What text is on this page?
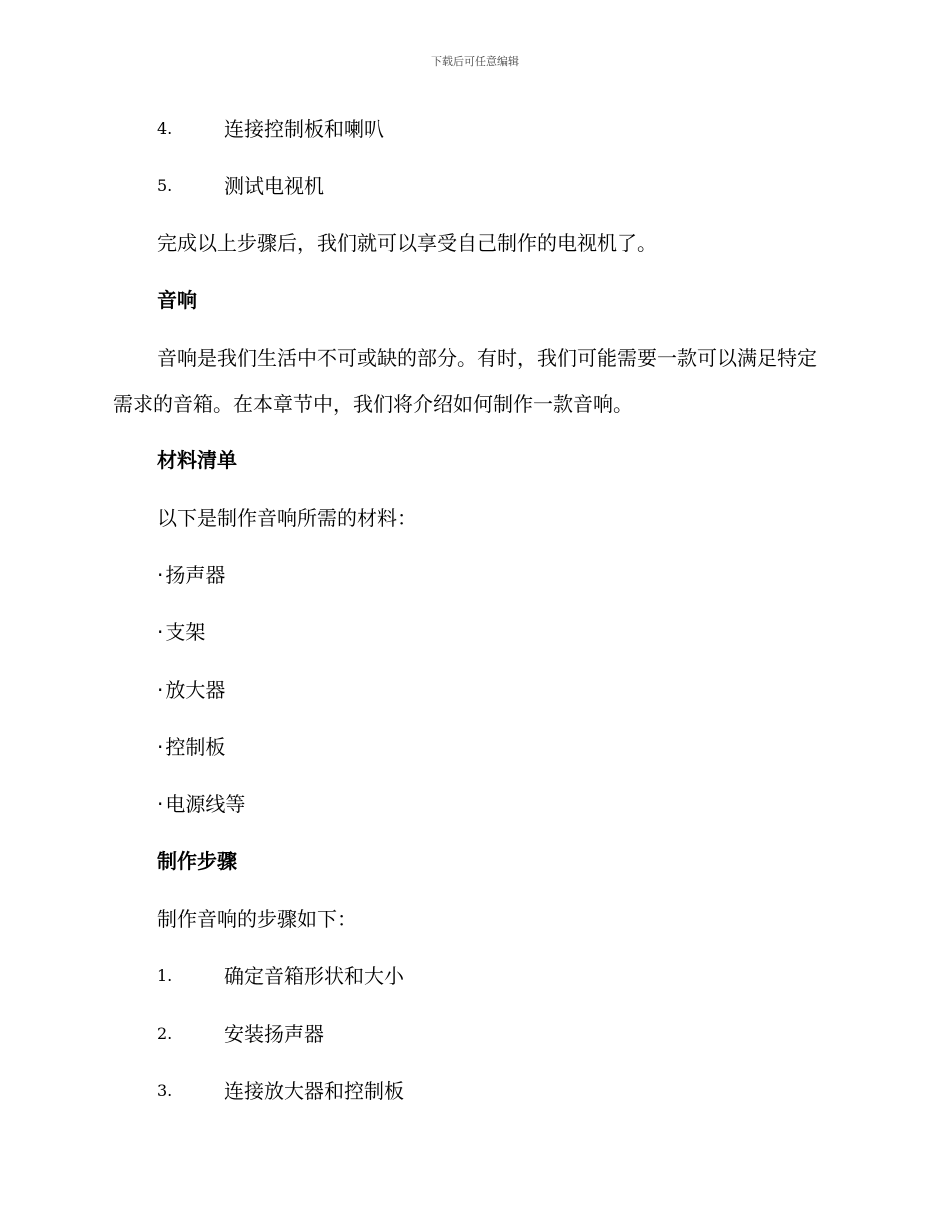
下载后可任意编辑
4.	连接控制板和喇叭
5.	测试电视机
完成以上步骤后，我们就可以享受自己制作的电视机了。
音响
音响是我们生活中不可或缺的部分。有时，我们可能需要一款可以满足特定需求的音箱。在本章节中，我们将介绍如何制作一款音响。
材料清单
以下是制作音响所需的材料：
· 扬声器
· 支架
· 放大器
· 控制板
· 电源线等
制作步骤
制作音响的步骤如下：
1.	确定音箱形状和大小
2.	安装扬声器
3.	连接放大器和控制板
